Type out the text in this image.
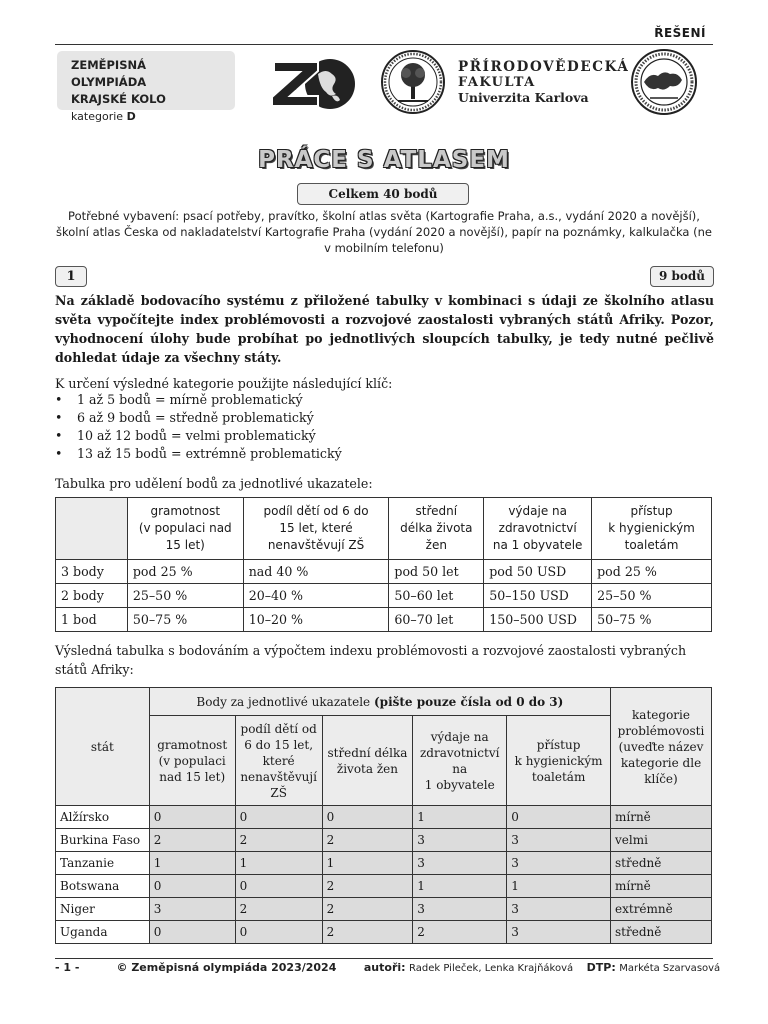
ŘEŠENÍ
ZEMĚPISNÁ OLYMPIÁDA
KRAJSKÉ KOLO
kategorie D
ZO
PŘÍRODOVĚDECKÁ
FAKULTA
Univerzita Karlova
PRÁCE S ATLASEM
Celkem 40 bodů
Potřebné vybavení: psací potřeby, pravítko, školní atlas světa (Kartografie Praha, a.s., vydání 2020 a novější), školní atlas Česka od nakladatelství Kartografie Praha (vydání 2020 a novější), papír na poznámky, kalkulačka (ne v mobilním telefonu)
1	9 bodů
Na základě bodovacího systému z přiložené tabulky v kombinaci s údaji ze školního atlasu světa vypočítejte index problémovosti a rozvojové zaostalosti vybraných států Afriky. Pozor, vyhodnocení úlohy bude probíhat po jednotlivých sloupcích tabulky, je tedy nutné pečlivě dohledat údaje za všechny státy.
K určení výsledné kategorie použijte následující klíč:
• 1 až 5 bodů = mírně problematický
• 6 až 9 bodů = středně problematický
• 10 až 12 bodů = velmi problematický
• 13 až 15 bodů = extrémně problematický
Tabulka pro udělení bodů za jednotlivé ukazatele:
	gramotnost
(v populaci nad
15 let)	podíl dětí od 6 do
15 let, které
nenavštěvují ZŠ	střední
délka života
žen	výdaje na
zdravotnictví
na 1 obyvatele	přístup
k hygienickým
toaletám
3 body	pod 25 %	nad 40 %	pod 50 let	pod 50 USD	pod 25 %
2 body	25–50 %	20–40 %	50–60 let	50–150 USD	25–50 %
1 bod	50–75 %	10–20 %	60–70 let	150–500 USD	50–75 %
Výsledná tabulka s bodováním a výpočtem indexu problémovosti a rozvojové zaostalosti vybraných států Afriky:
stát	Body za jednotlivé ukazatele (pište pouze čísla od 0 do 3)					kategorie
problémovosti
(uveďte název
kategorie dle
klíče)
	gramotnost
(v populaci
nad 15 let)	podíl dětí od
6 do 15 let,
které
nenavštěvují
ZŠ	střední délka
života žen	výdaje na
zdravotnictví
na
1 obyvatele	přístup
k hygienickým
toaletám	
Alžírsko	0	0	0	1	0	mírně
Burkina Faso	2	2	2	3	3	velmi
Tanzanie	1	1	1	3	3	středně
Botswana	0	0	2	1	1	mírně
Niger	3	2	2	3	3	extrémně
Uganda	0	0	2	2	3	středně
- 1 -	© Zeměpisná olympiáda 2023/2024	autoři: Radek Pileček, Lenka Krajňáková DTP: Markéta Szarvasová
